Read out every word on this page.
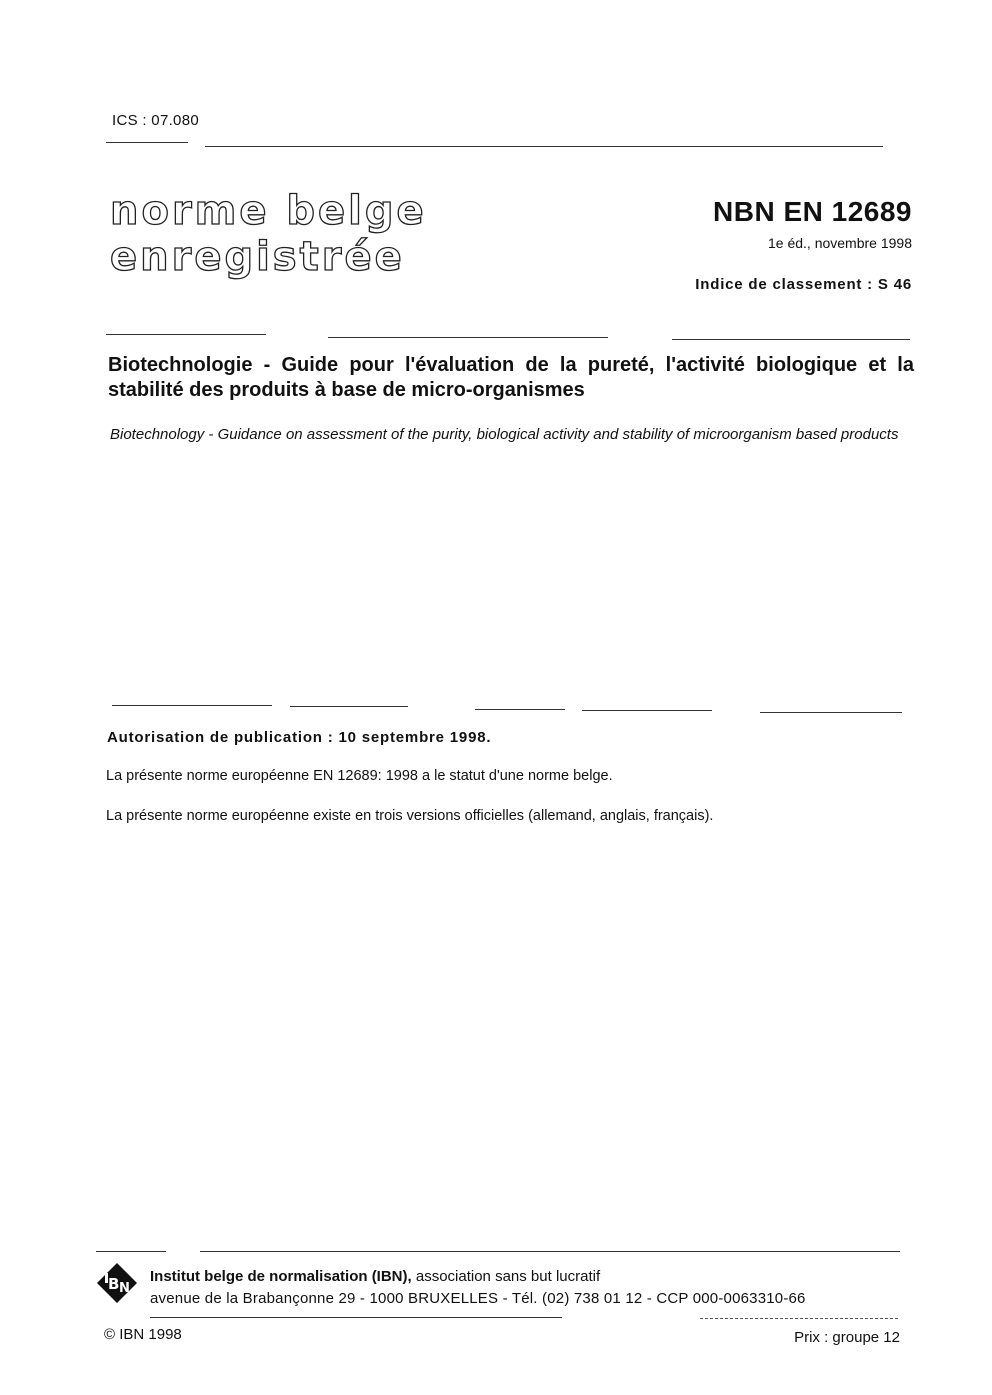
ICS : 07.080
norme belge
enregistrée
NBN EN 12689
1e éd., novembre 1998
Indice de classement : S 46
Biotechnologie - Guide pour l'évaluation de la pureté, l'activité biologique et la stabilité des produits à base de micro-organismes
Biotechnology - Guidance on assessment of the purity, biological activity and stability of microorganism based products
Autorisation de publication : 10 septembre 1998.
La présente norme européenne EN 12689: 1998 a le statut d'une norme belge.
La présente norme européenne existe en trois versions officielles (allemand, anglais, français).
B N
Institut belge de normalisation (IBN), association sans but lucratif
avenue de la Brabançonne 29 - 1000 BRUXELLES - Tél. (02) 738 01 12 - CCP 000-0063310-66
© IBN 1998	Prix : groupe 12
